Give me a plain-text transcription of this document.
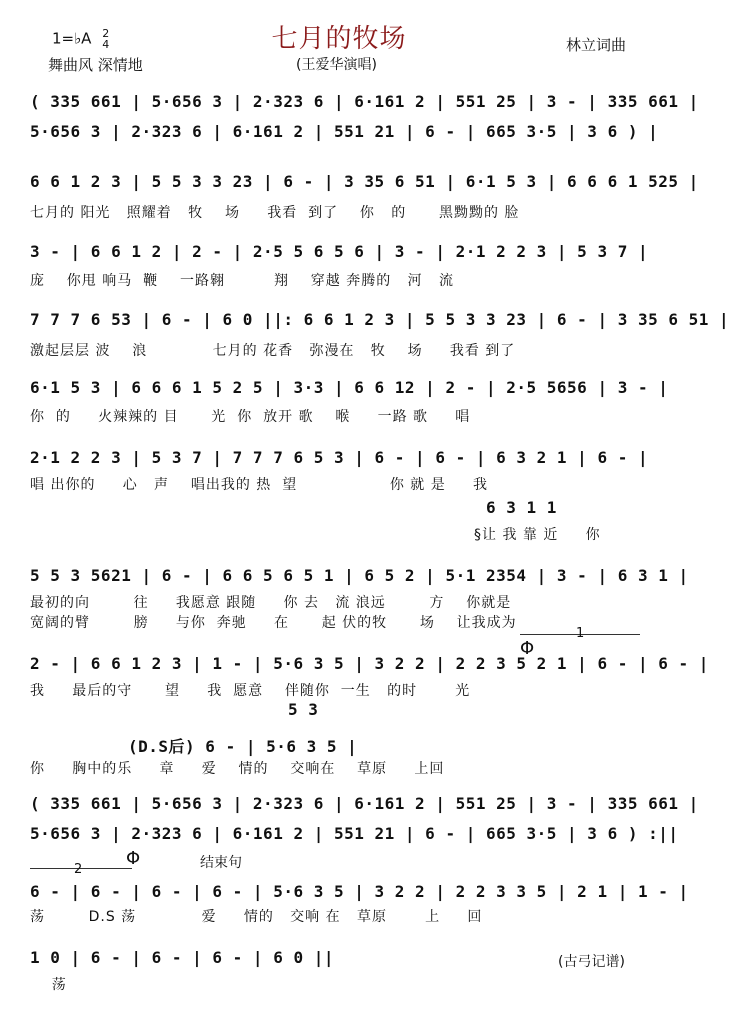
七月的牧场
1=♭A 2
4
舞曲风 深情地	(王爱华演唱)
林立词曲
( 335 661 | 5·656 3 | 2·323 6 | 6·161 2 | 551 25 | 3 - | 335 661 |
5·656 3 | 2·323 6 | 6·161 2 | 551 21 | 6 - | 665 3·5 | 3 6 ) |
6 6 1 2 3 | 5 5 3 3 23 | 6 - | 3 35 6 51 | 6·1 5 3 | 6 6 6 1 525 |
七月的 阳光   照耀着   牧    场     我看  到了    你   的      黑黝黝的 脸
3 - | 6 6 1 2 | 2 - | 2·5 5 6 5 6 | 3 - | 2·1 2 2 3 | 5 3 7 |
庞    你甩 响马  鞭    一路翱         翔    穿越 奔腾的   河   流
7 7 7 6 53 | 6 - | 6 0 ||: 6 6 1 2 3 | 5 5 3 3 23 | 6 - | 3 35 6 51 |
激起层层 波    浪            七月的 花香   弥漫在   牧    场     我看 到了
6·1 5 3 | 6 6 6 1 5 2 5 | 3·3 | 6 6 12 | 2 - | 2·5 5656 | 3 - |
你  的     火辣辣的 目      光  你  放开 歌    喉     一路 歌     唱
2·1 2 2 3 | 5 3 7 | 7 7 7 6 5 3 | 6 - | 6 - | 6 3 2 1 | 6 - |
唱 出你的     心   声    唱出我的 热  望                 你 就 是     我
6 3 1 1
§让 我 靠 近     你
5 5 3 5621 | 6 - | 6 6 5 6 5 1 | 6 5 2 | 5·1 2354 | 3 - | 6 3 1 |
最初的向        往     我愿意 跟随     你 去   流 浪远        方    你就是
宽阔的臂        膀     与你  奔驰     在      起 伏的牧      场    让我成为
1
2 - | 6 6 1 2 3 | 1 - | 5·6 3 5 | 3 2 2 | 2 2 3 5 2 1 | 6 - | 6 - |
Φ
我     最后的守      望     我  愿意    伴随你  一生   的时       光
5 3
(D.S后) 6 - | 5·6 3 5 |
你     胸中的乐     章     爱    情的    交响在    草原     上回
( 335 661 | 5·656 3 | 2·323 6 | 6·161 2 | 551 25 | 3 - | 335 661 |
5·656 3 | 2·323 6 | 6·161 2 | 551 21 | 6 - | 665 3·5 | 3 6 ) :||
2
Φ	结束句
6 - | 6 - | 6 - | 6 - | 5·6 3 5 | 3 2 2 | 2 2 3 3 5 | 2 1 | 1 - |
荡        D.S 荡            爱     情的   交响 在   草原       上     回
1 0 | 6 - | 6 - | 6 - | 6 0 ||
荡
(古弓记谱)
